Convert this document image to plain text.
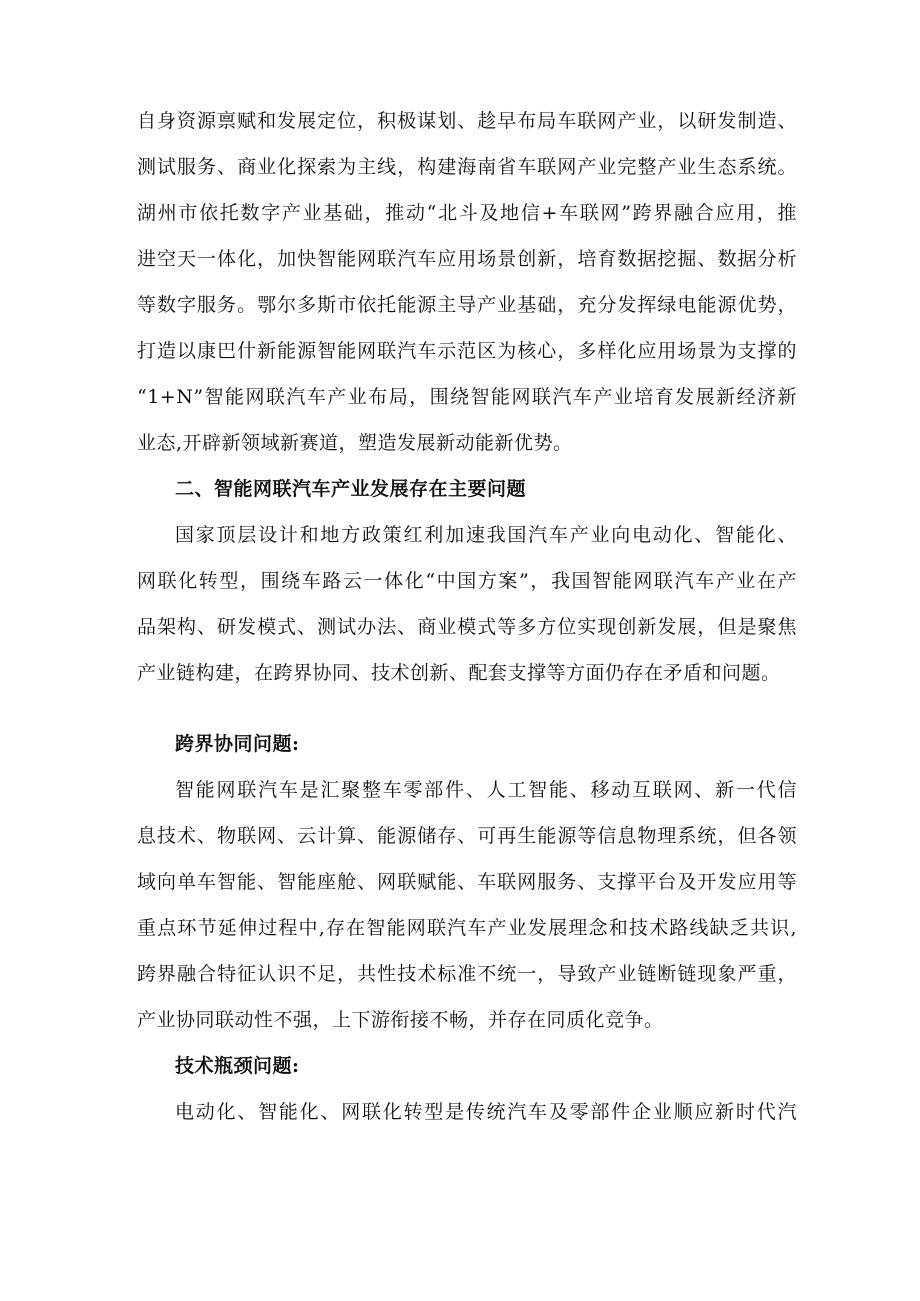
自身资源禀赋和发展定位，积极谋划、趁早布局车联网产业，以研发制造、

测试服务、商业化探索为主线，构建海南省车联网产业完整产业生态系统。

湖州市依托数字产业基础，推动“北斗及地信+车联网”跨界融合应用，推

进空天一体化，加快智能网联汽车应用场景创新，培育数据挖掘、数据分析

等数字服务。鄂尔多斯市依托能源主导产业基础，充分发挥绿电能源优势，

打造以康巴什新能源智能网联汽车示范区为核心，多样化应用场景为支撑的

“1+N”智能网联汽车产业布局，围绕智能网联汽车产业培育发展新经济新

业态,开辟新领域新赛道，塑造发展新动能新优势。

二、智能网联汽车产业发展存在主要问题

国家顶层设计和地方政策红利加速我国汽车产业向电动化、智能化、

网联化转型，围绕车路云一体化“中国方案”，我国智能网联汽车产业在产

品架构、研发模式、测试办法、商业模式等多方位实现创新发展，但是聚焦

产业链构建，在跨界协同、技术创新、配套支撑等方面仍存在矛盾和问题。

跨界协同问题:

智能网联汽车是汇聚整车零部件、人工智能、移动互联网、新一代信

息技术、物联网、云计算、能源储存、可再生能源等信息物理系统，但各领

域向单车智能、智能座舱、网联赋能、车联网服务、支撑平台及开发应用等

重点环节延伸过程中,存在智能网联汽车产业发展理念和技术路线缺乏共识,

跨界融合特征认识不足，共性技术标准不统一，导致产业链断链现象严重，

产业协同联动性不强，上下游衔接不畅，并存在同质化竞争。

技术瓶颈问题:

电动化、智能化、网联化转型是传统汽车及零部件企业顺应新时代汽
